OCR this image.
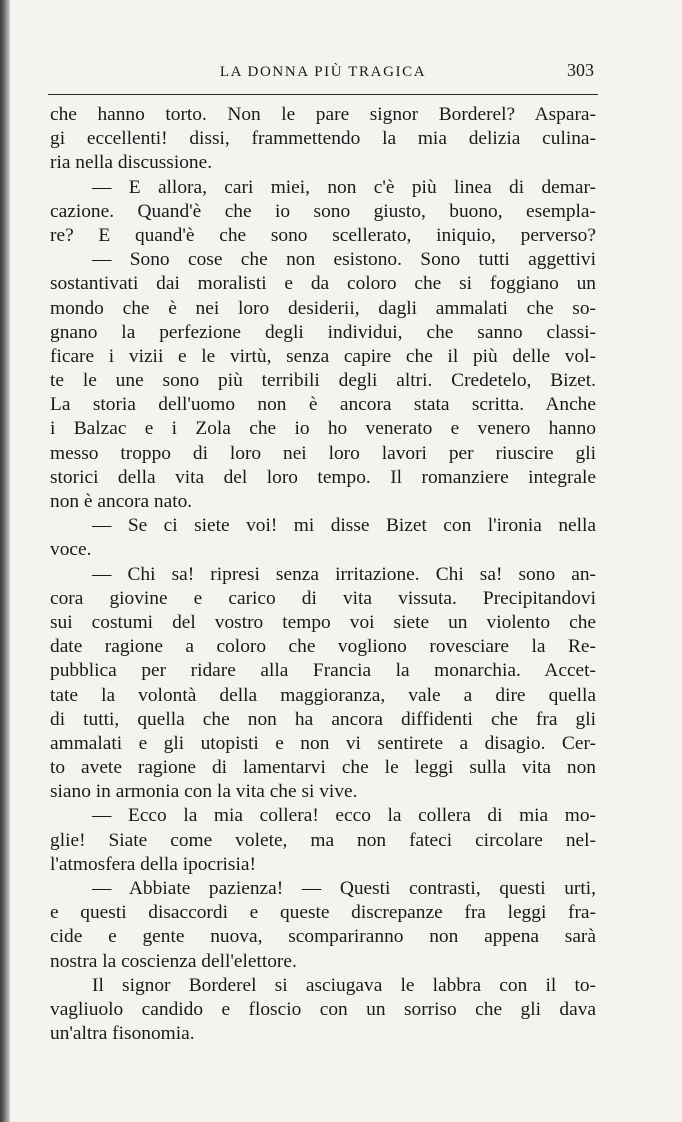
LA DONNA PIÙ TRAGICA	303
che hanno torto. Non le pare signor Borderel? Aspara-
gi eccellenti! dissi, frammettendo la mia delizia culina-
ria nella discussione.
— E allora, cari miei, non c'è più linea di demar-
cazione. Quand'è che io sono giusto, buono, esempla-
re? E quand'è che sono scellerato, iniquio, perverso?
— Sono cose che non esistono. Sono tutti aggettivi
sostantivati dai moralisti e da coloro che si foggiano un
mondo che è nei loro desiderii, dagli ammalati che so-
gnano la perfezione degli individui, che sanno classi-
ficare i vizii e le virtù, senza capire che il più delle vol-
te le une sono più terribili degli altri. Credetelo, Bizet.
La storia dell'uomo non è ancora stata scritta. Anche
i Balzac e i Zola che io ho venerato e venero hanno
messo troppo di loro nei loro lavori per riuscire gli
storici della vita del loro tempo. Il romanziere integrale
non è ancora nato.
— Se ci siete voi! mi disse Bizet con l'ironia nella
voce.
— Chi sa! ripresi senza irritazione. Chi sa! sono an-
cora giovine e carico di vita vissuta. Precipitandovi
sui costumi del vostro tempo voi siete un violento che
date ragione a coloro che vogliono rovesciare la Re-
pubblica per ridare alla Francia la monarchia. Accet-
tate la volontà della maggioranza, vale a dire quella
di tutti, quella che non ha ancora diffidenti che fra gli
ammalati e gli utopisti e non vi sentirete a disagio. Cer-
to avete ragione di lamentarvi che le leggi sulla vita non
siano in armonia con la vita che si vive.
— Ecco la mia collera! ecco la collera di mia mo-
glie! Siate come volete, ma non fateci circolare nel-
l'atmosfera della ipocrisia!
— Abbiate pazienza! — Questi contrasti, questi urti,
e questi disaccordi e queste discrepanze fra leggi fra-
cide e gente nuova, scompariranno non appena sarà
nostra la coscienza dell'elettore.
Il signor Borderel si asciugava le labbra con il to-
vagliuolo candido e floscio con un sorriso che gli dava
un'altra fisonomia.
